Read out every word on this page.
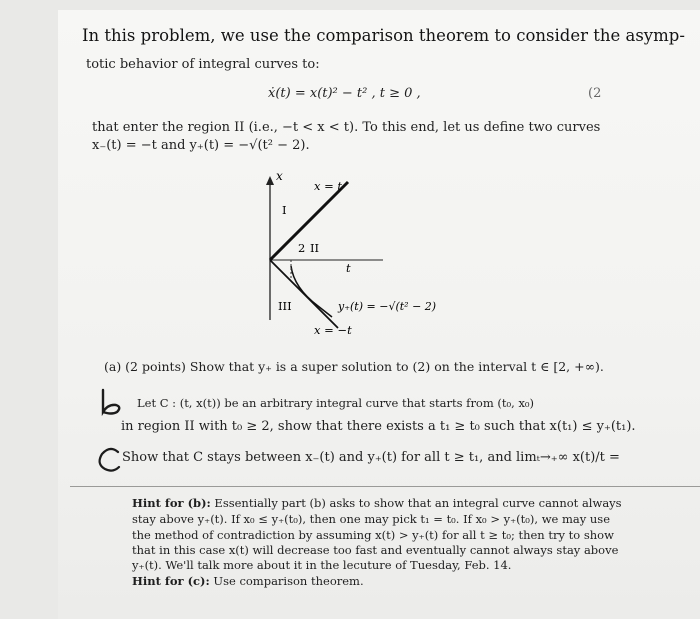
In this problem, we use the comparison theorem to consider the asymp-
totic behavior of integral curves to:
ẋ(t) = x(t)² − t² , t ≥ 0 ,	(2
that enter the region II (i.e., −t < x < t). To this end, let us define two curves
x₋(t) = −t and y₊(t) = −√(t² − 2).
x
x = t
I
2 II
t
III	y₊(t) = −√(t² − 2)
x = −t
(a) (2 points) Show that y₊ is a super solution to (2) on the interval t ∈ [2, +∞).
Let C : (t, x(t)) be an arbitrary integral curve that starts from (t₀, x₀)
in region II with t₀ ≥ 2, show that there exists a t₁ ≥ t₀ such that x(t₁) ≤ y₊(t₁).
Show that C stays between x₋(t) and y₊(t) for all t ≥ t₁, and limₜ→₊∞ x(t)/t =
Hint for (b): Essentially part (b) asks to show that an integral curve cannot always
stay above y₊(t). If x₀ ≤ y₊(t₀), then one may pick t₁ = t₀. If x₀ > y₊(t₀), we may use
the method of contradiction by assuming x(t) > y₊(t) for all t ≥ t₀; then try to show
that in this case x(t) will decrease too fast and eventually cannot always stay above
y₊(t). We'll talk more about it in the lecuture of Tuesday, Feb. 14.
Hint for (c): Use comparison theorem.
